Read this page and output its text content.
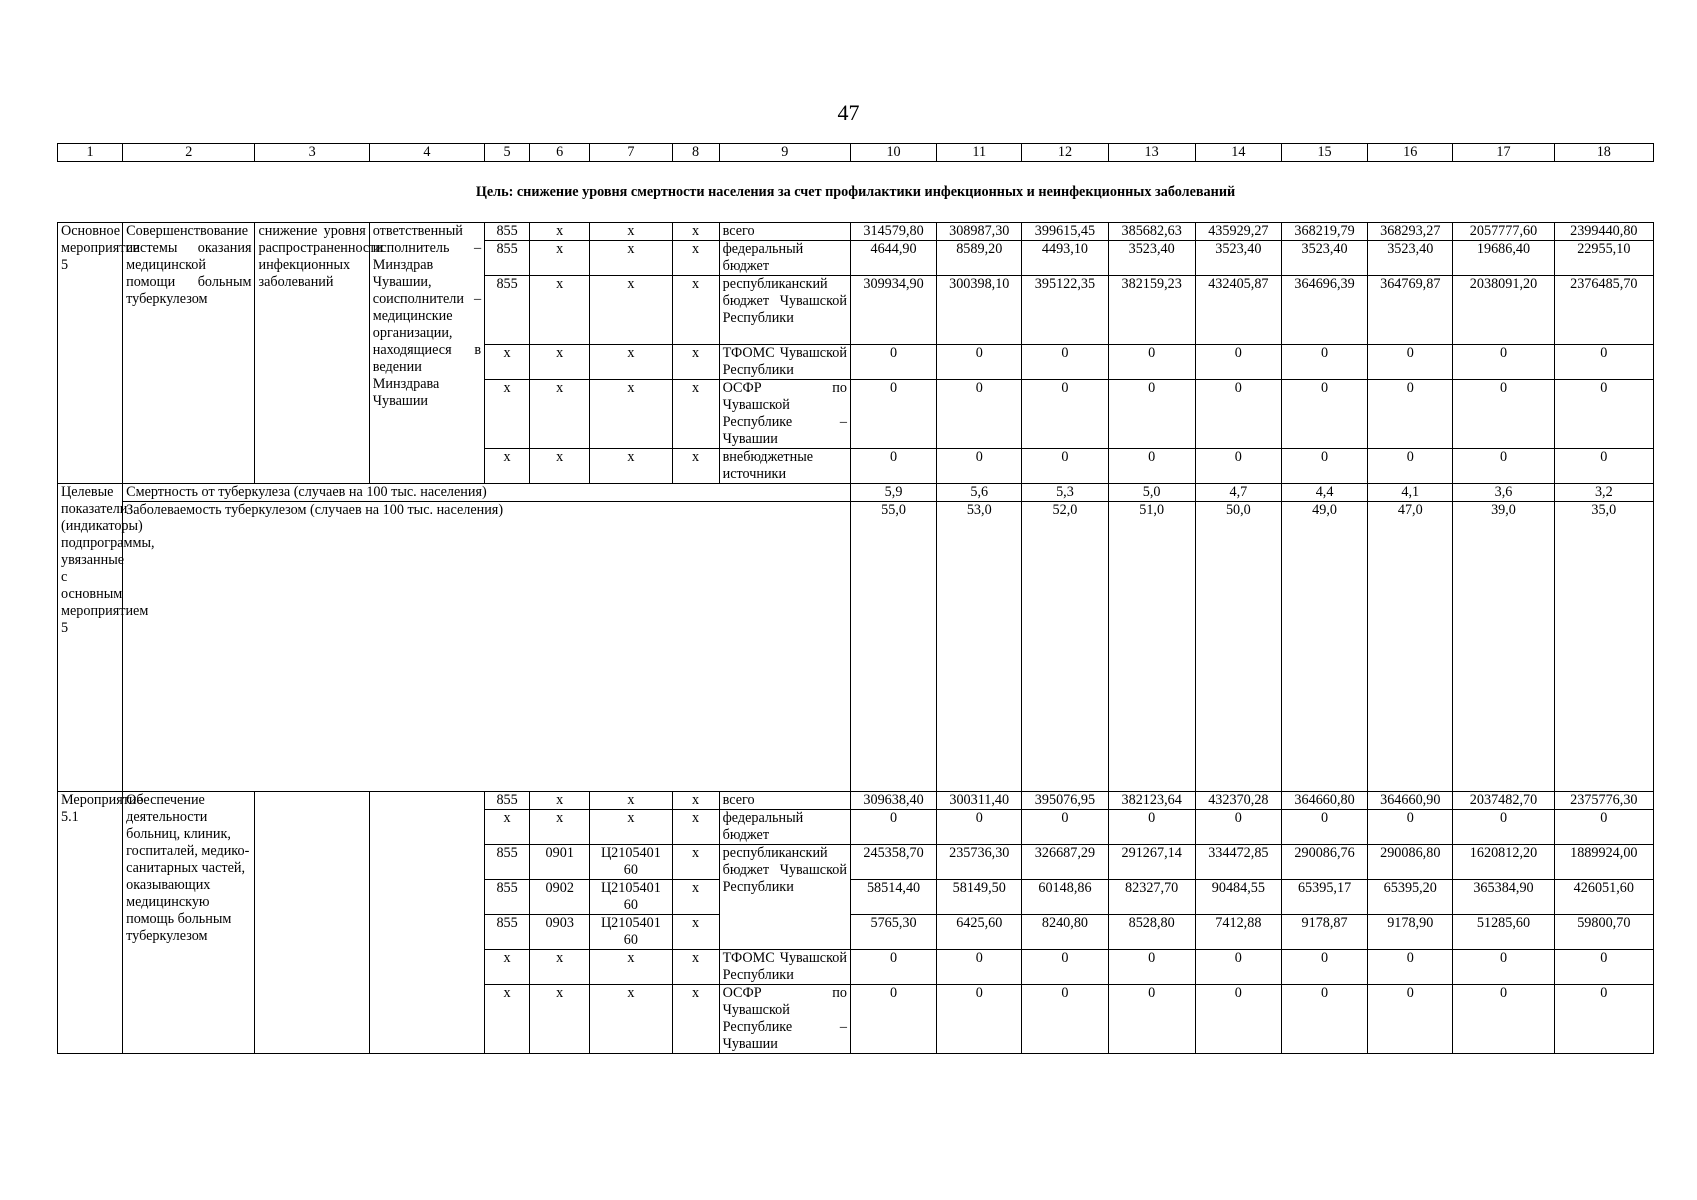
47
1	2	3	4	5	6	7	8	9	10	11	12	13	14	15	16	17	18
Цель: снижение уровня смертности населения за счет профилактики инфекционных и неинфекционных заболеваний																	
Основное мероприятие 5	Совершенствование системы оказания медицинской помощи больным туберкулезом	снижение уровня распространенности инфекционных заболеваний	ответственный исполнитель – Минздрав Чувашии, соисполнители – медицинские организации, находящиеся в ведении Минздрава Чувашии	855	х	х	х	всего	314579,80	308987,30	399615,45	385682,63	435929,27	368219,79	368293,27	2057777,60	2399440,80
				855	х	х	х	федеральный бюджет	4644,90	8589,20	4493,10	3523,40	3523,40	3523,40	3523,40	19686,40	22955,10
				855	х	х	х	республиканский бюджет Чувашской Республики	309934,90	300398,10	395122,35	382159,23	432405,87	364696,39	364769,87	2038091,20	2376485,70
				х	х	х	х	ТФОМС Чувашской Республики	0	0	0	0	0	0	0	0	0
				х	х	х	х	ОСФР по Чувашской Республике – Чувашии	0	0	0	0	0	0	0	0	0
				х	х	х	х	внебюджетные источники	0	0	0	0	0	0	0	0	0
Целевые показатели (индикаторы) подпрограммы, увязанные с основным мероприятием 5	Смертность от туберкулеза (случаев на 100 тыс. населения)								5,9	5,6	5,3	5,0	4,7	4,4	4,1	3,6	3,2
	Заболеваемость туберкулезом (случаев на 100 тыс. населения)								55,0	53,0	52,0	51,0	50,0	49,0	47,0	39,0	35,0
Мероприятие 5.1	Обеспечение деятельности больниц, клиник, госпиталей, медико-санитарных частей, оказывающих медицинскую помощь больным туберкулезом			855	х	х	х	всего	309638,40	300311,40	395076,95	382123,64	432370,28	364660,80	364660,90	2037482,70	2375776,30
				х	х	х	х	федеральный бюджет	0	0	0	0	0	0	0	0	0
				855	0901	Ц2105401 60	х	республиканский бюджет Чувашской Республики	245358,70	235736,30	326687,29	291267,14	334472,85	290086,76	290086,80	1620812,20	1889924,00
				855	0902	Ц2105401 60	х		58514,40	58149,50	60148,86	82327,70	90484,55	65395,17	65395,20	365384,90	426051,60
				855	0903	Ц2105401 60	х		5765,30	6425,60	8240,80	8528,80	7412,88	9178,87	9178,90	51285,60	59800,70
				х	х	х	х	ТФОМС Чувашской Республики	0	0	0	0	0	0	0	0	0
				х	х	х	х	ОСФР по Чувашской Республике – Чувашии	0	0	0	0	0	0	0	0	0
